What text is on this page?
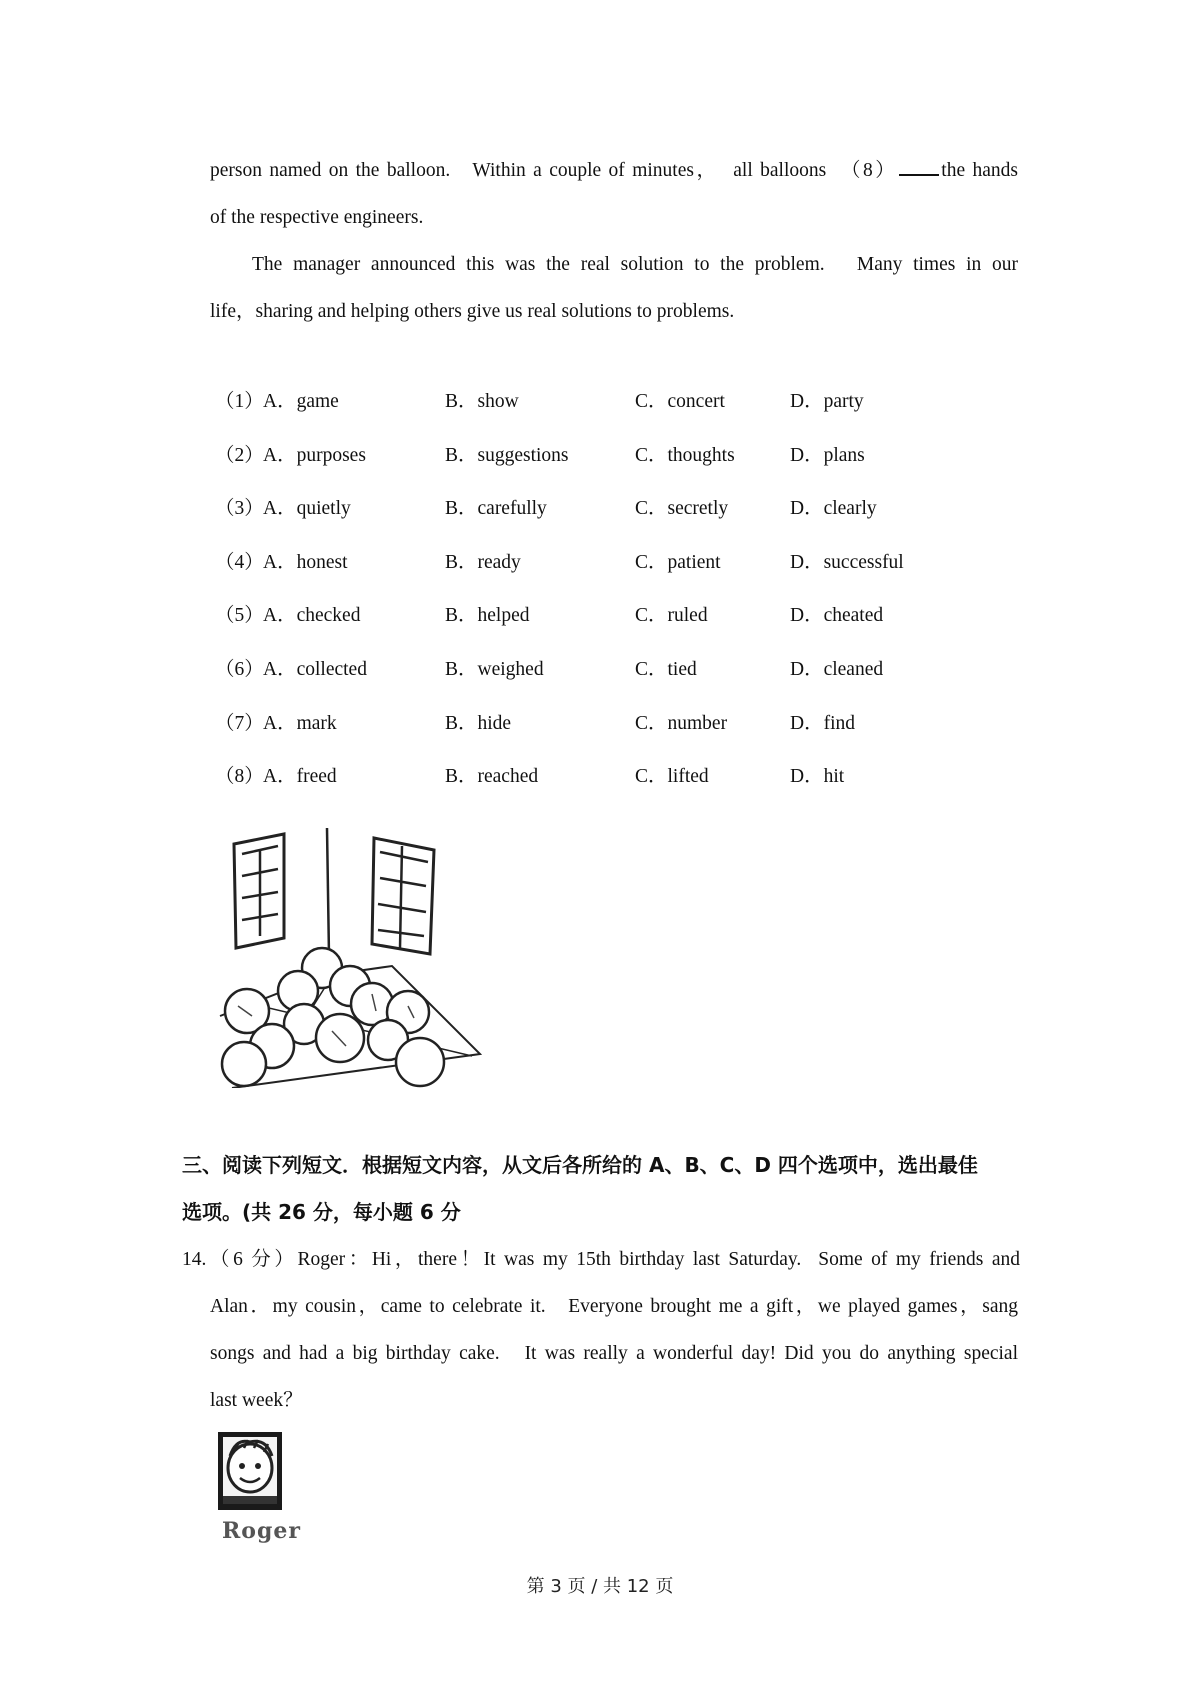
person named on the balloon.   Within a couple of minutes，  all balloons  （8） the hands
of the respective engineers.
The manager announced this was the real solution to the problem.   Many times in our
life，sharing and helping others give us real solutions to problems.
（1） A．game	B．show	C．concert	D．party
（2） A．purposes	B．suggestions	C．thoughts	D．plans
（3） A．quietly	B．carefully	C．secretly	D．clearly
（4） A．honest	B．ready	C．patient	D．successful
（5） A．checked	B．helped	C．ruled	D．cheated
（6） A．collected	B．weighed	C．tied	D．cleaned
（7） A．mark	B．hide	C．number	D．find
（8） A．freed	B．reached	C．lifted	D．hit
三、阅读下列短文．根据短文内容，从文后各所给的 A、B、C、D 四个选项中，选出最佳
选项。(共 26 分，每小题 6 分
14.（6 分）Roger：Hi，there！It was my 15th birthday last Saturday.  Some of my friends and
Alan．my cousin，came to celebrate it.   Everyone brought me a gift，we played games，sang
songs and had a big birthday cake.   It was really a wonderful day! Did you do anything special
last week？
Roger
第 3 页 / 共 12 页
